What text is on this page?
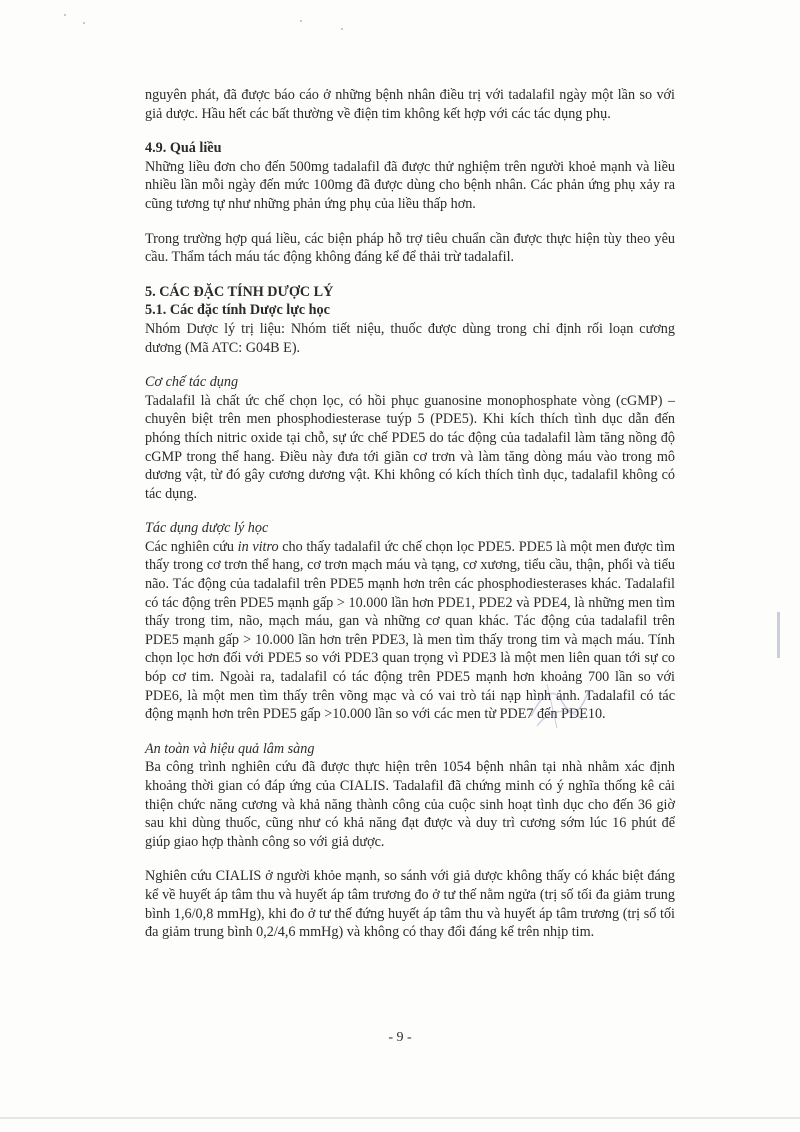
nguyên phát, đã được báo cáo ở những bệnh nhân điều trị với tadalafil ngày một lần so với giả dược. Hầu hết các bất thường về điện tim không kết hợp với các tác dụng phụ.

4.9. Quá liều

Những liều đơn cho đến 500mg tadalafil đã được thử nghiệm trên người khoẻ mạnh và liều nhiều lần mỗi ngày đến mức 100mg đã được dùng cho bệnh nhân. Các phản ứng phụ xảy ra cũng tương tự như những phản ứng phụ của liều thấp hơn.

Trong trường hợp quá liều, các biện pháp hỗ trợ tiêu chuẩn cần được thực hiện tùy theo yêu cầu. Thẩm tách máu tác động không đáng kể để thải trừ tadalafil.

5. CÁC ĐẶC TÍNH DƯỢC LÝ

5.1. Các đặc tính Dược lực học

Nhóm Dược lý trị liệu: Nhóm tiết niệu, thuốc được dùng trong chỉ định rối loạn cương dương (Mã ATC: G04B E).

Cơ chế tác dụng

Tadalafil là chất ức chế chọn lọc, có hồi phục guanosine monophosphate vòng (cGMP) – chuyên biệt trên men phosphodiesterase tuýp 5 (PDE5). Khi kích thích tình dục dẫn đến phóng thích nitric oxide tại chỗ, sự ức chế PDE5 do tác động của tadalafil làm tăng nồng độ cGMP trong thể hang. Điều này đưa tới giãn cơ trơn và làm tăng dòng máu vào trong mô dương vật, từ đó gây cương dương vật. Khi không có kích thích tình dục, tadalafil không có tác dụng.

Tác dụng dược lý học

Các nghiên cứu in vitro cho thấy tadalafil ức chế chọn lọc PDE5. PDE5 là một men được tìm thấy trong cơ trơn thể hang, cơ trơn mạch máu và tạng, cơ xương, tiểu cầu, thận, phổi và tiểu não. Tác động của tadalafil trên PDE5 mạnh hơn trên các phosphodiesterases khác. Tadalafil có tác động trên PDE5 mạnh gấp > 10.000 lần hơn PDE1, PDE2 và PDE4, là những men tìm thấy trong tim, não, mạch máu, gan và những cơ quan khác. Tác động của tadalafil trên PDE5 mạnh gấp > 10.000 lần hơn trên PDE3, là men tìm thấy trong tim và mạch máu. Tính chọn lọc hơn đối với PDE5 so với PDE3 quan trọng vì PDE3 là một men liên quan tới sự co bóp cơ tim. Ngoài ra, tadalafil có tác động trên PDE5 mạnh hơn khoảng 700 lần so với PDE6, là một men tìm thấy trên võng mạc và có vai trò tái nạp hình ảnh. Tadalafil có tác động mạnh hơn trên PDE5 gấp >10.000 lần so với các men từ PDE7 đến PDE10.

An toàn và hiệu quả lâm sàng

Ba công trình nghiên cứu đã được thực hiện trên 1054 bệnh nhân tại nhà nhằm xác định khoảng thời gian có đáp ứng của CIALIS. Tadalafil đã chứng minh có ý nghĩa thống kê cải thiện chức năng cương và khả năng thành công của cuộc sinh hoạt tình dục cho đến 36 giờ sau khi dùng thuốc, cũng như có khả năng đạt được và duy trì cương sớm lúc 16 phút để giúp giao hợp thành công so với giả dược.

Nghiên cứu CIALIS ở người khỏe mạnh, so sánh với giả dược không thấy có khác biệt đáng kể về huyết áp tâm thu và huyết áp tâm trương đo ở tư thế nằm ngửa (trị số tối đa giảm trung bình 1,6/0,8 mmHg), khi đo ở tư thế đứng huyết áp tâm thu và huyết áp tâm trương (trị số tối đa giảm trung bình 0,2/4,6 mmHg) và không có thay đổi đáng kể trên nhịp tim.

- 9 -
